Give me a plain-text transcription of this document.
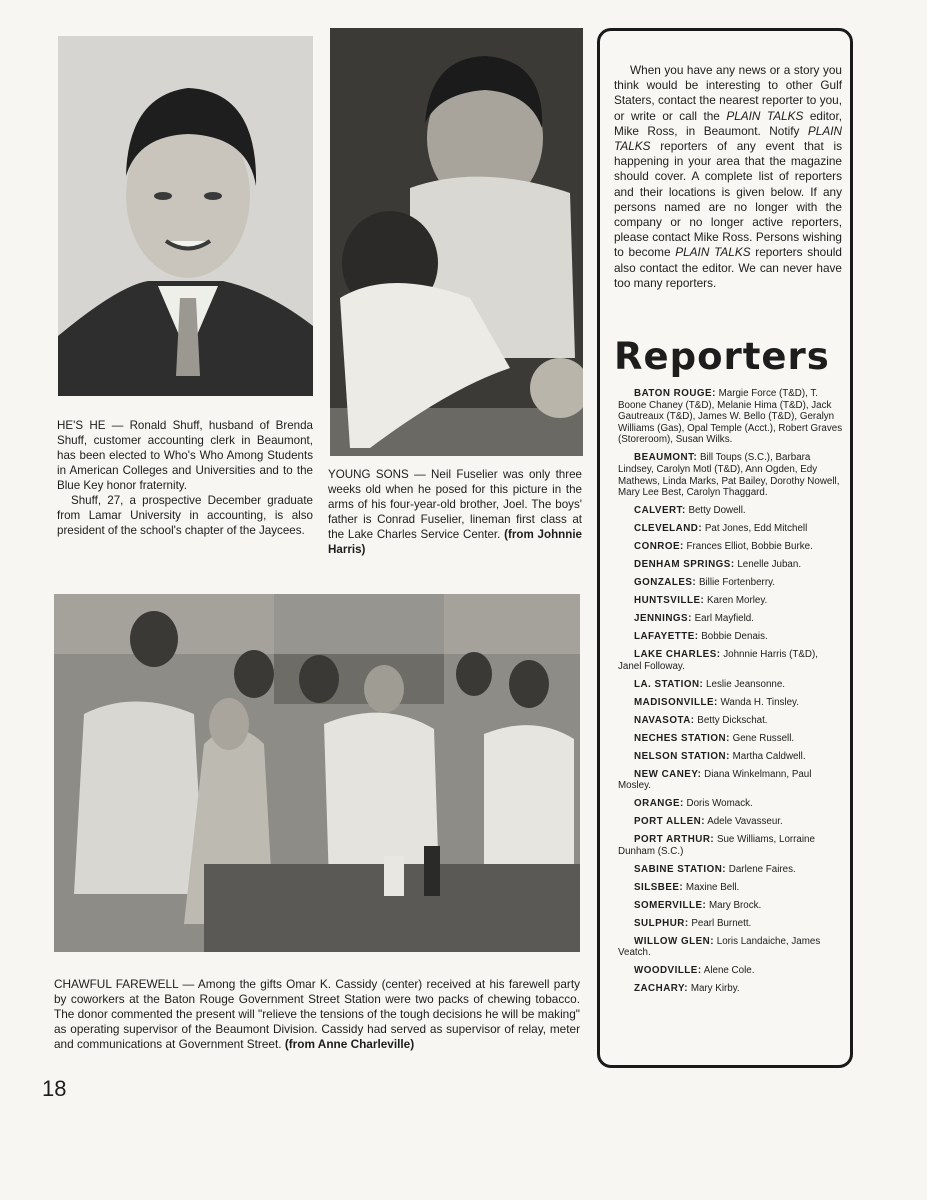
HE'S HE — Ronald Shuff, husband of Brenda Shuff, customer accounting clerk in Beaumont, has been elected to Who's Who Among Students in American Colleges and Universities and to the Blue Key honor fraternity.

Shuff, 27, a prospective December graduate from Lamar University in accounting, is also president of the school's chapter of the Jaycees.

YOUNG SONS — Neil Fuselier was only three weeks old when he posed for this picture in the arms of his four-year-old brother, Joel. The boys' father is Conrad Fuselier, lineman first class at the Lake Charles Service Center. (from Johnnie Harris)

CHAWFUL FAREWELL — Among the gifts Omar K. Cassidy (center) received at his farewell party by coworkers at the Baton Rouge Government Street Station were two packs of chewing tobacco. The donor commented the present will "relieve the tensions of the tough decisions he will be making" as operating supervisor of the Beaumont Division. Cassidy had served as supervisor of relay, meter and communications at Government Street. (from Anne Charleville)

18

When you have any news or a story you think would be interesting to other Gulf Staters, contact the nearest reporter to you, or write or call the PLAIN TALKS editor, Mike Ross, in Beaumont. Notify PLAIN TALKS reporters of any event that is happening in your area that the magazine should cover. A complete list of reporters and their locations is given below. If any persons named are no longer with the company or no longer active reporters, please contact Mike Ross. Persons wishing to become PLAIN TALKS reporters should also contact the editor. We can never have too many reporters.

Reporters
BATON ROUGE: Margie Force (T&D), T. Boone Chaney (T&D), Melanie Hima (T&D), Jack Gautreaux (T&D), James W. Bello (T&D), Geralyn Williams (Gas), Opal Temple (Acct.), Robert Graves (Storeroom), Susan Wilks.
BEAUMONT: Bill Toups (S.C.), Barbara Lindsey, Carolyn Motl (T&D), Ann Ogden, Edy Mathews, Linda Marks, Pat Bailey, Dorothy Nowell, Mary Lee Best, Carolyn Thaggard.
CALVERT: Betty Dowell.
CLEVELAND: Pat Jones, Edd Mitchell
CONROE: Frances Elliot, Bobbie Burke.
DENHAM SPRINGS: Lenelle Juban.
GONZALES: Billie Fortenberry.
HUNTSVILLE: Karen Morley.
JENNINGS: Earl Mayfield.
LAFAYETTE: Bobbie Denais.
LAKE CHARLES: Johnnie Harris (T&D), Janel Followay.
LA. STATION: Leslie Jeansonne.
MADISONVILLE: Wanda H. Tinsley.
NAVASOTA: Betty Dickschat.
NECHES STATION: Gene Russell.
NELSON STATION: Martha Caldwell.
NEW CANEY: Diana Winkelmann, Paul Mosley.
ORANGE: Doris Womack.
PORT ALLEN: Adele Vavasseur.
PORT ARTHUR: Sue Williams, Lorraine Dunham (S.C.)
SABINE STATION: Darlene Faires.
SILSBEE: Maxine Bell.
SOMERVILLE: Mary Brock.
SULPHUR: Pearl Burnett.
WILLOW GLEN: Loris Landaiche, James Veatch.
WOODVILLE: Alene Cole.
ZACHARY: Mary Kirby.
